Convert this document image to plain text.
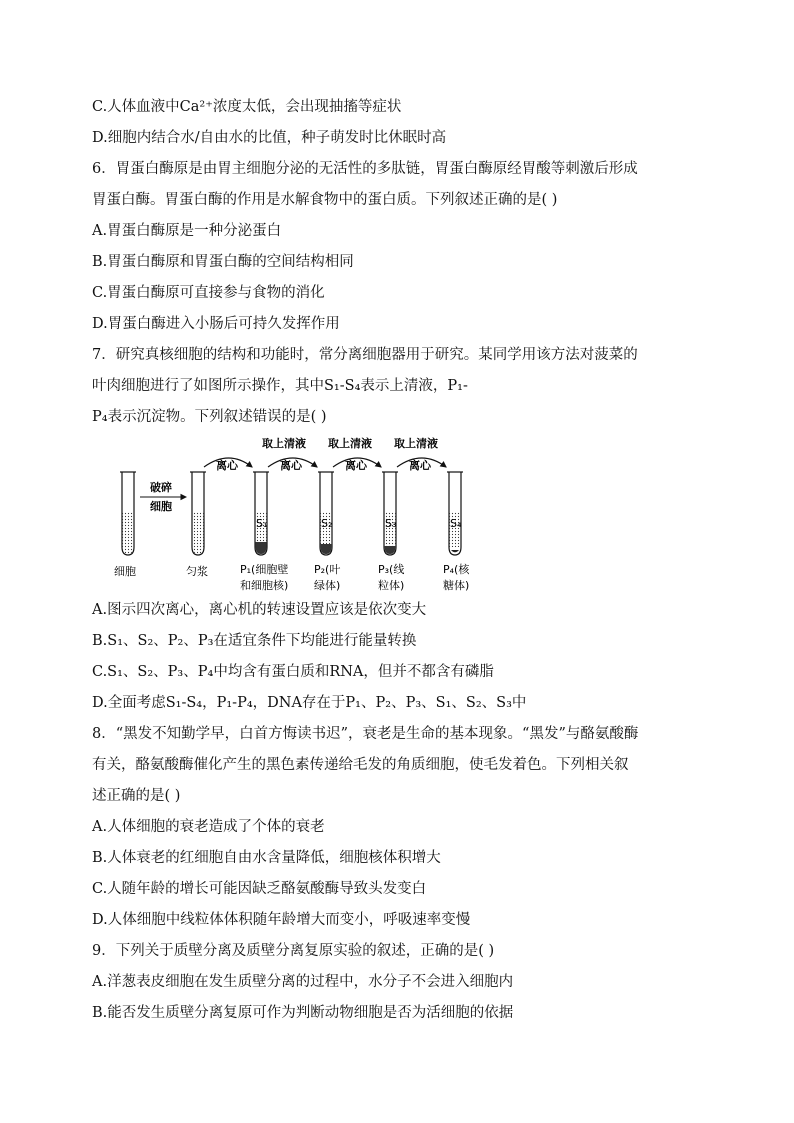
C.人体血液中Ca²⁺浓度太低，会出现抽搐等症状
D.细胞内结合水/自由水的比值，种子萌发时比休眠时高
6．胃蛋白酶原是由胃主细胞分泌的无活性的多肽链，胃蛋白酶原经胃酸等刺激后形成
胃蛋白酶。胃蛋白酶的作用是水解食物中的蛋白质。下列叙述正确的是( )
A.胃蛋白酶原是一种分泌蛋白
B.胃蛋白酶原和胃蛋白酶的空间结构相同
C.胃蛋白酶原可直接参与食物的消化
D.胃蛋白酶进入小肠后可持久发挥作用
7．研究真核细胞的结构和功能时，常分离细胞器用于研究。某同学用该方法对菠菜的
叶肉细胞进行了如图所示操作，其中S₁-S₄表示上清液，P₁-
P₄表示沉淀物。下列叙述错误的是( )
取上清液 取上清液 取上清液
离心	离心	离心	离心
破碎
细胞
S₁	S₂	S₃	S₄
细胞	匀浆	P₁(细胞壁
和细胞核)
P₂(叶
绿体)
P₃(线
粒体)
P₄(核
糖体)
A.图示四次离心，离心机的转速设置应该是依次变大
B.S₁、S₂、P₂、P₃在适宜条件下均能进行能量转换
C.S₁、S₂、P₃、P₄中均含有蛋白质和RNA，但并不都含有磷脂
D.全面考虑S₁-S₄，P₁-P₄，DNA存在于P₁、P₂、P₃、S₁、S₂、S₃中
8．“黑发不知勤学早，白首方悔读书迟”，衰老是生命的基本现象。“黑发”与酪氨酸酶
有关，酪氨酸酶催化产生的黑色素传递给毛发的角质细胞，使毛发着色。下列相关叙
述正确的是( )
A.人体细胞的衰老造成了个体的衰老
B.人体衰老的红细胞自由水含量降低，细胞核体积增大
C.人随年龄的增长可能因缺乏酪氨酸酶导致头发变白
D.人体细胞中线粒体体积随年龄增大而变小，呼吸速率变慢
9．下列关于质壁分离及质壁分离复原实验的叙述，正确的是( )
A.洋葱表皮细胞在发生质壁分离的过程中，水分子不会进入细胞内
B.能否发生质壁分离复原可作为判断动物细胞是否为活细胞的依据
